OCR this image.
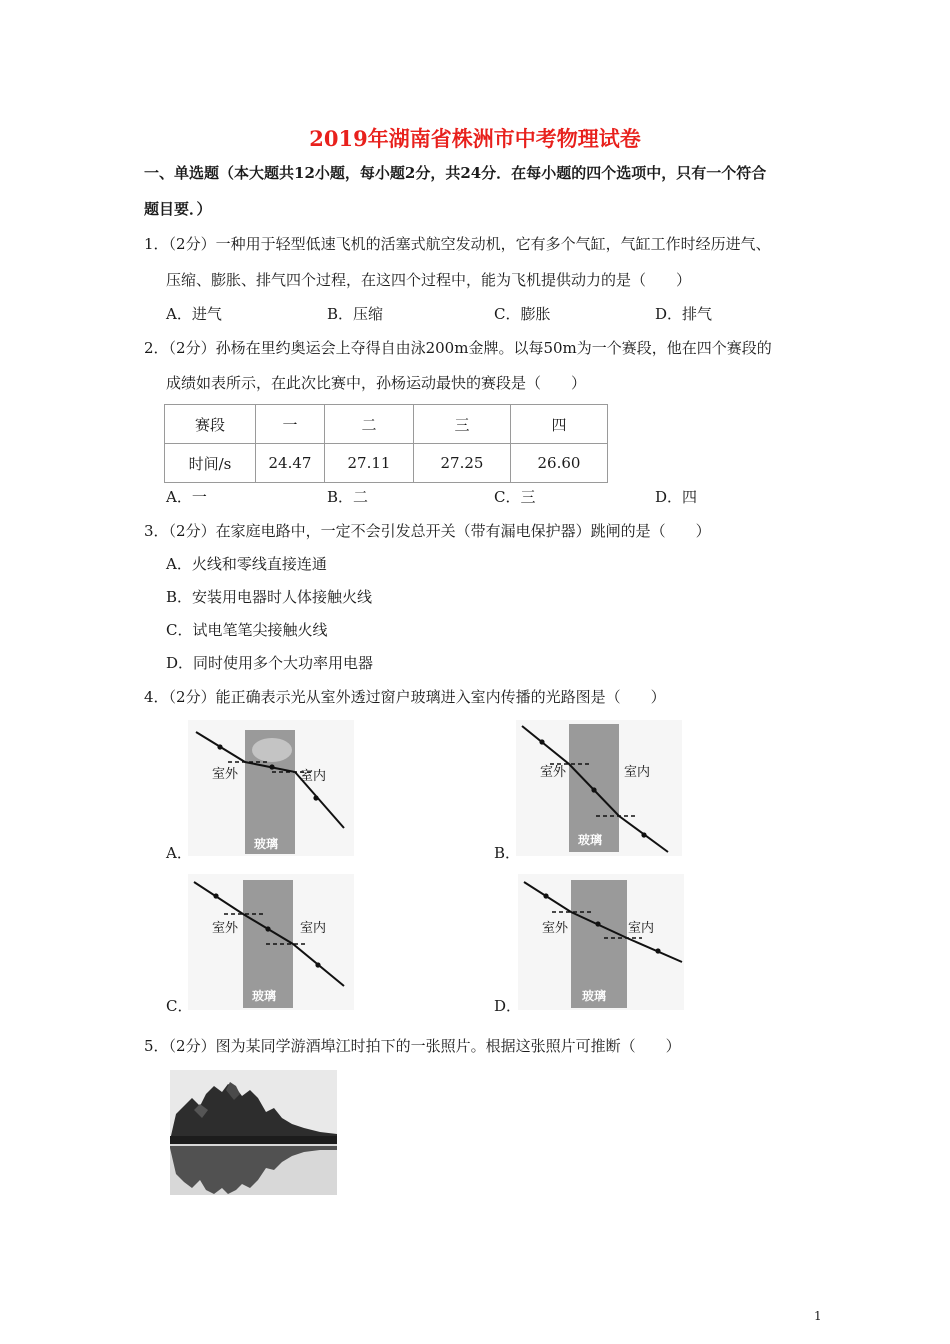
2019年湖南省株洲市中考物理试卷
一、单选题（本大题共12小题，每小题2分，共24分．在每小题的四个选项中，只有一个符合
题目要．）
1．（2分）一种用于轻型低速飞机的活塞式航空发动机，它有多个气缸，气缸工作时经历进气、
压缩、膨胀、排气四个过程，在这四个过程中，能为飞机提供动力的是（　　）
A．进气	B．压缩	C．膨胀	D．排气
2．（2分）孙杨在里约奥运会上夺得自由泳200m金牌。以每50m为一个赛段，他在四个赛段的
成绩如表所示，在此次比赛中，孙杨运动最快的赛段是（　　）
赛段	一	二	三	四
时间/s	24.47	27.11	27.25	26.60
A．一	B．二	C．三	D．四
3．（2分）在家庭电路中，一定不会引发总开关（带有漏电保护器）跳闸的是（　　）
A．火线和零线直接连通
B．安装用电器时人体接触火线
C．试电笔笔尖接触火线
D．同时使用多个大功率用电器
4．（2分）能正确表示光从室外透过窗户玻璃进入室内传播的光路图是（　　）
室外	室内
玻璃
A．
室外	室内
玻璃
B．
室外	室内
玻璃
C．
室外	室内
玻璃
D．
5．（2分）图为某同学游酒埠江时拍下的一张照片。根据这张照片可推断（　　）
1
